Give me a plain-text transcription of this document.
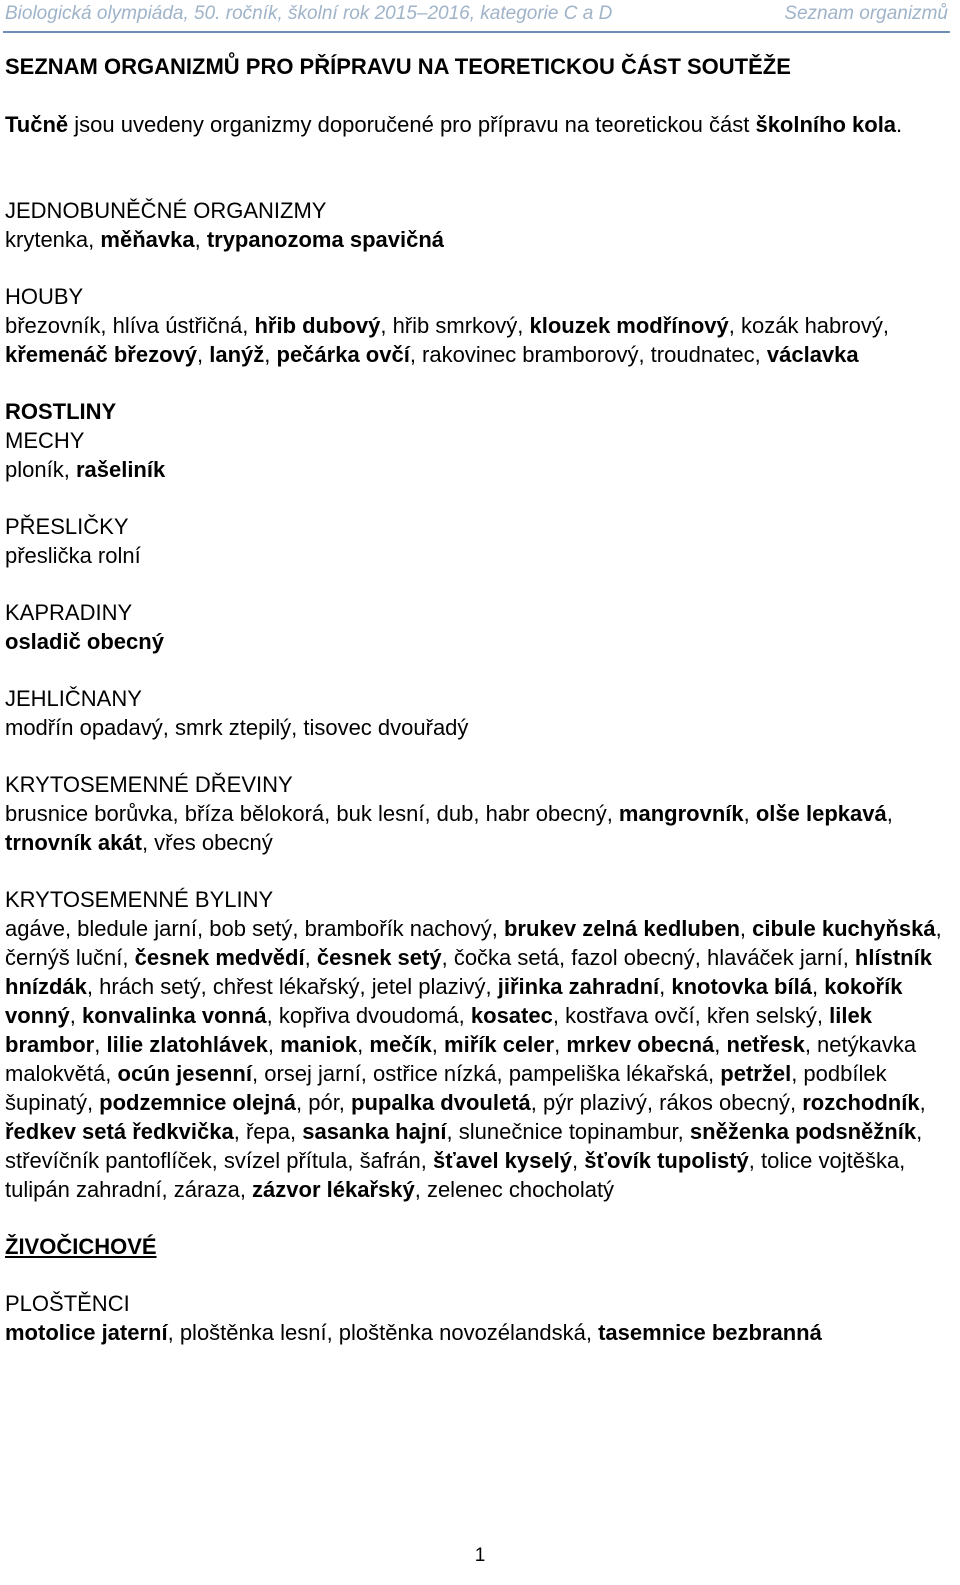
Biologická olympiáda, 50. ročník, školní rok 2015–2016, kategorie C a D	Seznam organizmů

SEZNAM ORGANIZMŮ PRO PŘÍPRAVU NA TEORETICKOU ČÁST SOUTĚŽE

Tučně jsou uvedeny organizmy doporučené pro přípravu na teoretickou část školního kola.

JEDNOBUNĚČNÉ ORGANIZMY

krytenka, měňavka, trypanozoma spavičná

HOUBY

březovník, hlíva ústřičná, hřib dubový, hřib smrkový, klouzek modřínový, kozák habrový, křemenáč březový, lanýž, pečárka ovčí, rakovinec bramborový, troudnatec, václavka

ROSTLINY

MECHY

ploník, rašeliník

PŘESLIČKY

přeslička rolní

KAPRADINY

osladič obecný

JEHLIČNANY

modřín opadavý, smrk ztepilý, tisovec dvouřadý

KRYTOSEMENNÉ DŘEVINY

brusnice borůvka, bříza bělokorá, buk lesní, dub, habr obecný, mangrovník, olše lepkavá, trnovník akát, vřes obecný

KRYTOSEMENNÉ BYLINY

agáve, bledule jarní, bob setý, brambořík nachový, brukev zelná kedluben, cibule kuchyňská, černýš luční, česnek medvědí, česnek setý, čočka setá, fazol obecný, hlaváček jarní, hlístník hnízdák, hrách setý, chřest lékařský, jetel plazivý, jiřinka zahradní, knotovka bílá, kokořík vonný, konvalinka vonná, kopřiva dvoudomá, kosatec, kostřava ovčí, křen selský, lilek brambor, lilie zlatohlávek, maniok, mečík, miřík celer, mrkev obecná, netřesk, netýkavka malokvětá, ocún jesenní, orsej jarní, ostřice nízká, pampeliška lékařská, petržel, podbílek šupinatý, podzemnice olejná, pór, pupalka dvouletá, pýr plazivý, rákos obecný, rozchodník, ředkev setá ředkvička, řepa, sasanka hajní, slunečnice topinambur, sněženka podsněžník, střevíčník pantoflíček, svízel přítula, šafrán, šťavel kyselý, šťovík tupolistý, tolice vojtěška, tulipán zahradní, zárazа, zázvor lékařský, zelenec chocholatý

ŽIVOČICHOVÉ

PLOŠTĚNCI

motolice jaterní, ploštěnka lesní, ploštěnka novozélandská, tasemnice bezbranná

1
